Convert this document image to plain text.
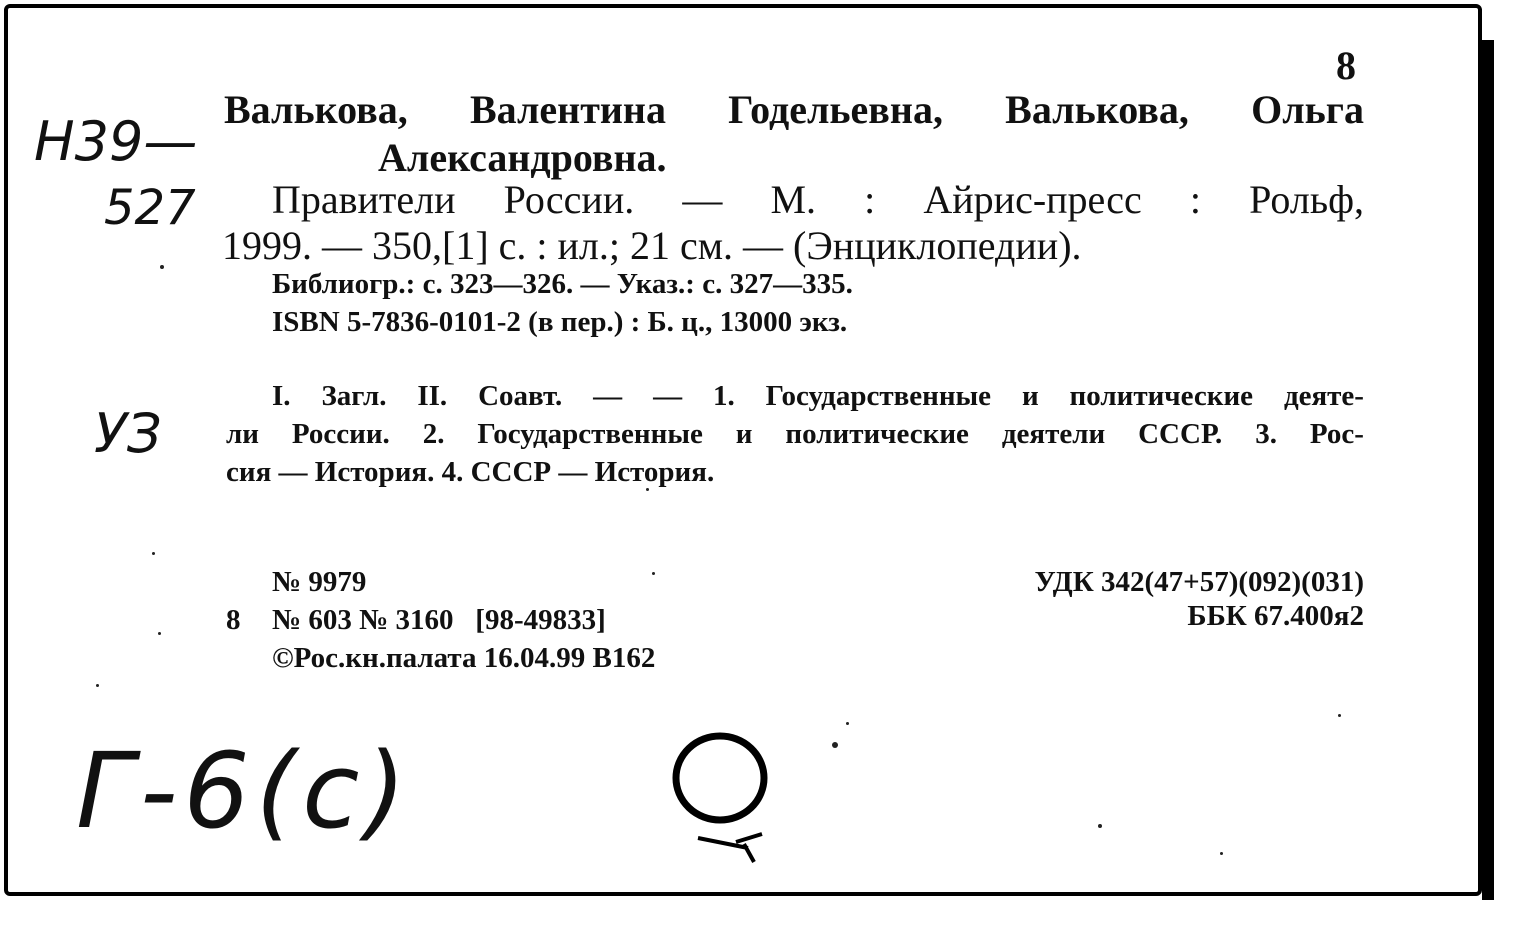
8
Валькова, Валентина Годельевна, Валькова, Ольга
Александровна.
Правители России. — М. : Айрис-пресс : Рольф,
1999. — 350,[1] с. : ил.; 21 см. — (Энциклопедии).
Библиогр.: с. 323—326. — Указ.: с. 327—335.
ISBN 5-7836-0101-2 (в пер.) : Б. ц., 13000 экз.
I. Загл. II. Соавт. — — 1. Государственные и политические деяте-
ли России. 2. Государственные и политические деятели СССР. 3. Рос-
сия — История. 4. СССР — История.
№ 9979
8 № 603 № 3160   [98-49833]
©Рос.кн.палата 16.04.99 В162
УДК 342(47+57)(092)(031)
ББК 67.400я2
Н39—
527
УЗ
Г-6(с)
